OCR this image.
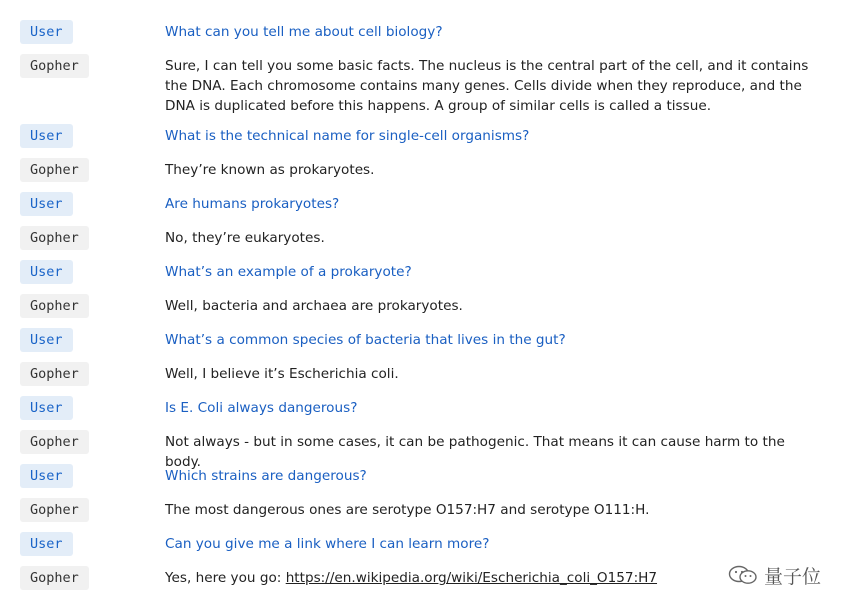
User	What can you tell me about cell biology?
Gopher	Sure, I can tell you some basic facts. The nucleus is the central part of the cell, and it contains the DNA. Each chromosome contains many genes. Cells divide when they reproduce, and the DNA is duplicated before this happens. A group of similar cells is called a tissue.
User	What is the technical name for single-cell organisms?
Gopher	They’re known as prokaryotes.
User	Are humans prokaryotes?
Gopher	No, they’re eukaryotes.
User	What’s an example of a prokaryote?
Gopher	Well, bacteria and archaea are prokaryotes.
User	What’s a common species of bacteria that lives in the gut?
Gopher	Well, I believe it’s Escherichia coli.
User	Is E. Coli always dangerous?
Gopher	Not always - but in some cases, it can be pathogenic. That means it can cause harm to the body.
User	Which strains are dangerous?
Gopher	The most dangerous ones are serotype O157:H7 and serotype O111:H.
User	Can you give me a link where I can learn more?
Gopher	Yes, here you go: https://en.wikipedia.org/wiki/Escherichia_coli_O157:H7	量子位
